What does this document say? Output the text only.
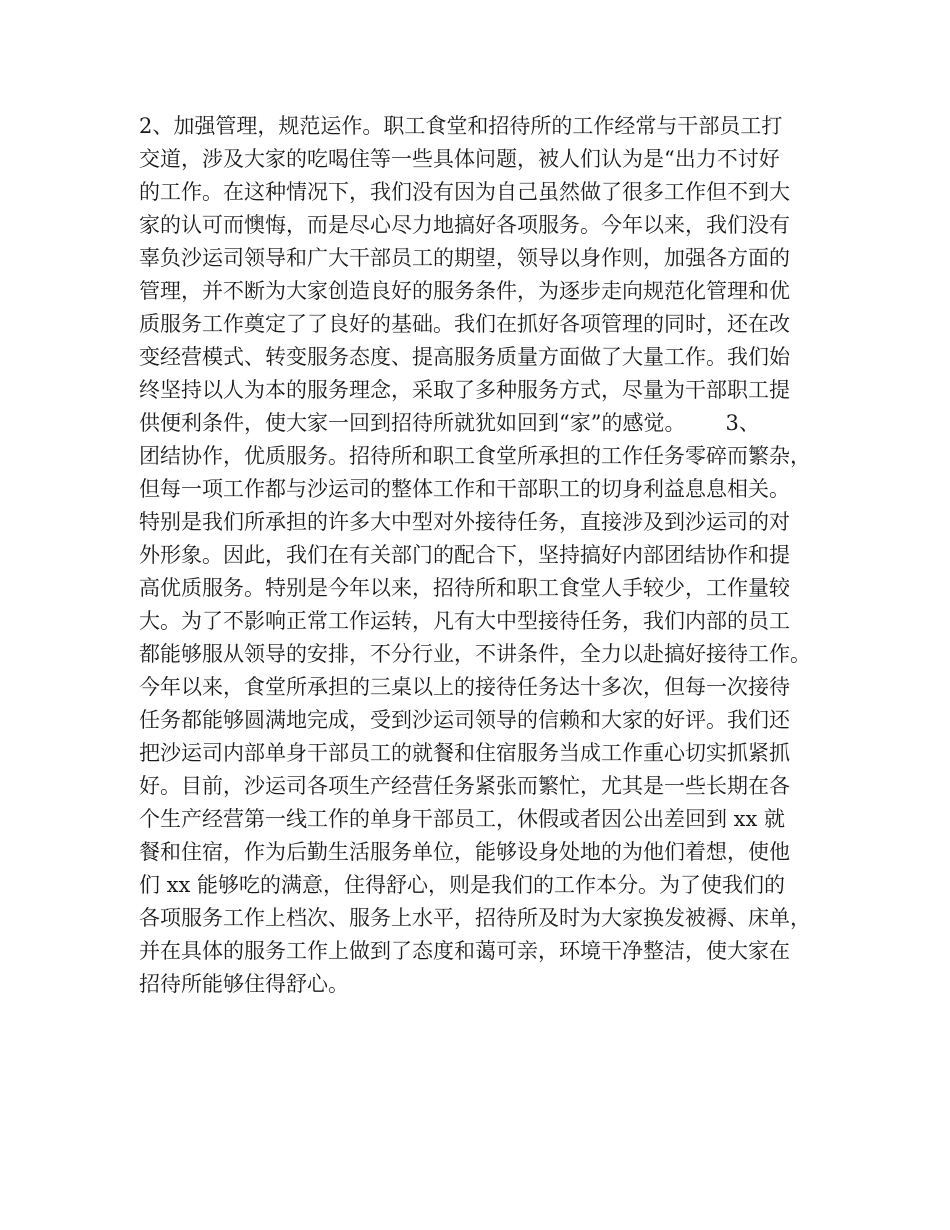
2、加强管理，规范运作。职工食堂和招待所的工作经常与干部员工打
交道，涉及大家的吃喝住等一些具体问题，被人们认为是“出力不讨好
的工作。在这种情况下，我们没有因为自己虽然做了很多工作但不到大
家的认可而懊悔，而是尽心尽力地搞好各项服务。今年以来，我们没有
辜负沙运司领导和广大干部员工的期望，领导以身作则，加强各方面的
管理，并不断为大家创造良好的服务条件，为逐步走向规范化管理和优
质服务工作奠定了了良好的基础。我们在抓好各项管理的同时，还在改
变经营模式、转变服务态度、提高服务质量方面做了大量工作。我们始
终坚持以人为本的服务理念，采取了多种服务方式，尽量为干部职工提
供便利条件，使大家一回到招待所就犹如回到“家”的感觉。      3、
团结协作，优质服务。招待所和职工食堂所承担的工作任务零碎而繁杂，
但每一项工作都与沙运司的整体工作和干部职工的切身利益息息相关。
特别是我们所承担的许多大中型对外接待任务，直接涉及到沙运司的对
外形象。因此，我们在有关部门的配合下，坚持搞好内部团结协作和提
高优质服务。特别是今年以来，招待所和职工食堂人手较少，工作量较
大。为了不影响正常工作运转，凡有大中型接待任务，我们内部的员工
都能够服从领导的安排，不分行业，不讲条件，全力以赴搞好接待工作。
今年以来，食堂所承担的三桌以上的接待任务达十多次，但每一次接待
任务都能够圆满地完成，受到沙运司领导的信赖和大家的好评。我们还
把沙运司内部单身干部员工的就餐和住宿服务当成工作重心切实抓紧抓
好。目前，沙运司各项生产经营任务紧张而繁忙，尤其是一些长期在各
个生产经营第一线工作的单身干部员工，休假或者因公出差回到 xx 就
餐和住宿，作为后勤生活服务单位，能够设身处地的为他们着想，使他
们 xx 能够吃的满意，住得舒心，则是我们的工作本分。为了使我们的
各项服务工作上档次、服务上水平，招待所及时为大家换发被褥、床单，
并在具体的服务工作上做到了态度和蔼可亲，环境干净整洁，使大家在
招待所能够住得舒心。
